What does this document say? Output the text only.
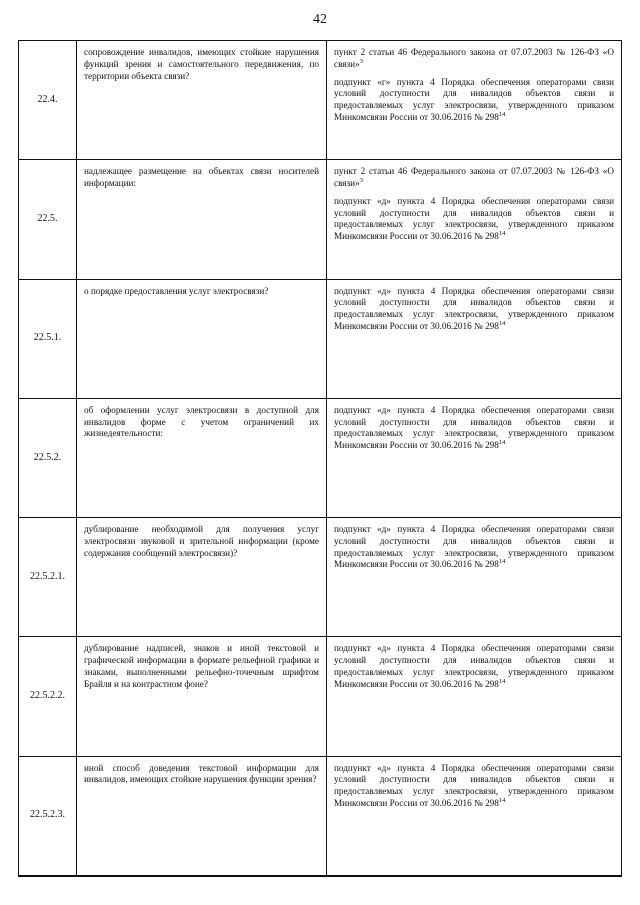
42
22.4.
сопровождение инвалидов, имеющих стойкие нарушения функций зрения и самостоятельного передвижения, по территории объекта связи?
пункт 2 статьи 46 Федерального закона от 07.07.2003 № 126-ФЗ «О связи»$^3$
подпункт «г» пункта 4 Порядка обеспечения операторами связи условий доступности для инвалидов объектов связи и предоставляемых услуг электросвязи, утвержденного приказом Минкомсвязи России от 30.06.2016 № $298^{14}$
22.5.
надлежащее размещение на объектах связи носителей информации:
пункт 2 статьи 46 Федерального закона от 07.07.2003 № 126-ФЗ «О связи»$^3$
подпункт «д» пункта 4 Порядка обеспечения операторами связи условий доступности для инвалидов объектов связи и предоставляемых услуг электросвязи, утвержденного приказом Минкомсвязи России от 30.06.2016 № $298^{14}$
22.5.1.
о порядке предоставления услуг электросвязи?	подпункт «д» пункта 4 Порядка обеспечения операторами связи условий доступности для инвалидов объектов связи и предоставляемых услуг электросвязи, утвержденного приказом Минкомсвязи России от 30.06.2016 № $298^{14}$
22.5.2.
об оформлении услуг электросвязи в доступной для инвалидов форме с учетом ограничений их жизнедеятельности:
подпункт «д» пункта 4 Порядка обеспечения операторами связи условий доступности для инвалидов объектов связи и предоставляемых услуг электросвязи, утвержденного приказом Минкомсвязи России от 30.06.2016 № $298^{14}$
22.5.2.1.
дублирование необходимой для получения услуг электросвязи звуковой и зрительной информации (кроме содержания сообщений электросвязи)?
подпункт «д» пункта 4 Порядка обеспечения операторами связи условий доступности для инвалидов объектов связи и предоставляемых услуг электросвязи, утвержденного приказом Минкомсвязи России от 30.06.2016 № $298^{14}$
22.5.2.2.
дублирование надписей, знаков и иной текстовой и графической информации в формате рельефной графики и знаками, выполненными рельефно-точечным шрифтом Брайля и на контрастном фоне?
подпункт «д» пункта 4 Порядка обеспечения операторами связи условий доступности для инвалидов объектов связи и предоставляемых услуг электросвязи, утвержденного приказом Минкомсвязи России от 30.06.2016 № $298^{14}$
22.5.2.3.
иной способ доведения текстовой информации для инвалидов, имеющих стойкие нарушения функции зрения?
подпункт «д» пункта 4 Порядка обеспечения операторами связи условий доступности для инвалидов объектов связи и предоставляемых услуг электросвязи, утвержденного приказом Минкомсвязи России от 30.06.2016 № $298^{14}$
